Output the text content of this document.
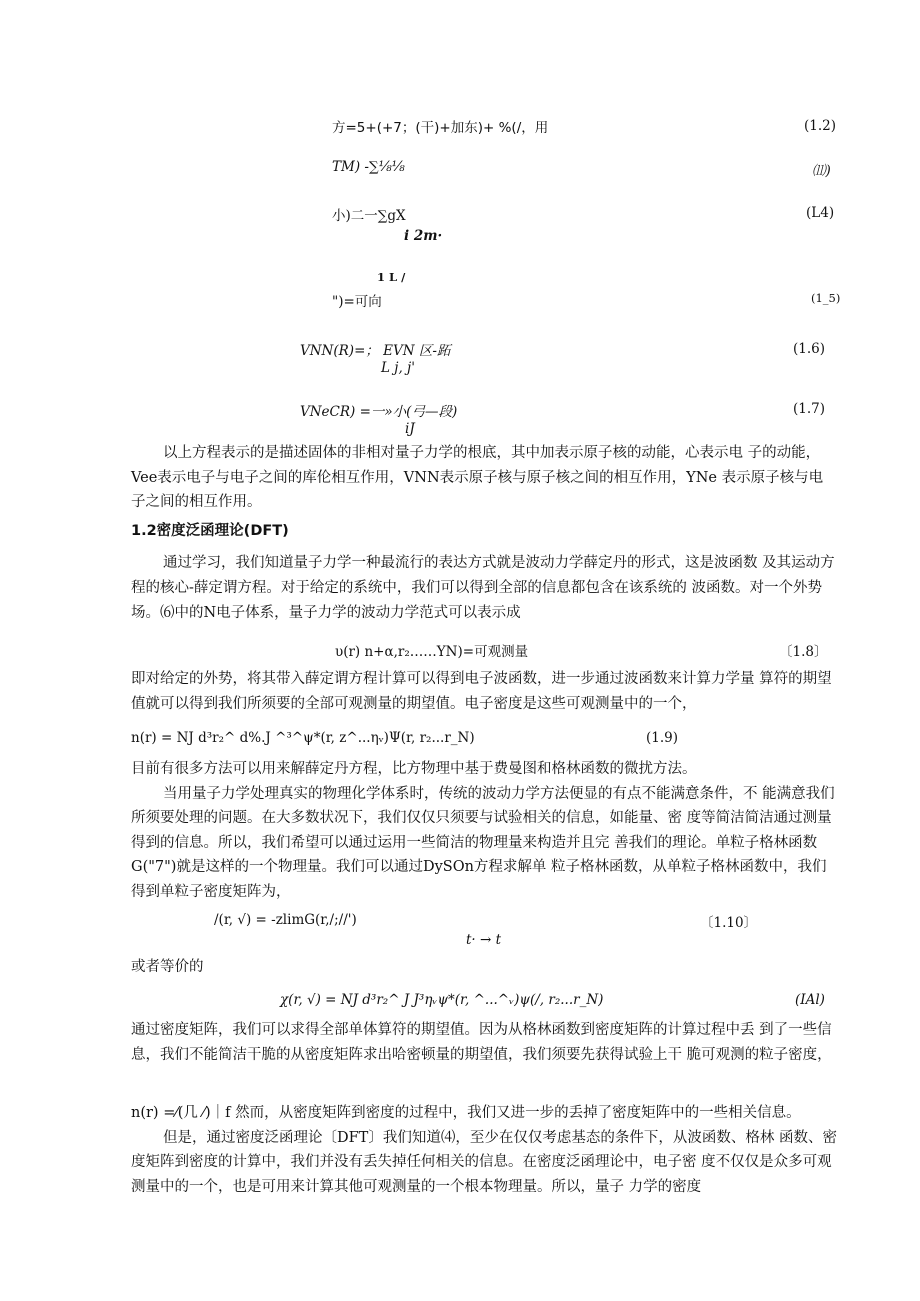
方=5+(+7；(干)+加东)+ %(/，用	(1.2)
TM) -∑⅛⅛	⑾)
小)二一∑gX
i 2m·
(L4)
1 L /
")=可向	(1_5)
VNN(R)=； EVN 区-跖
L j, j'
(1.6)
VNeCR) =一»小(弓—段)
iJ
(1.7)

以上方程表示的是描述固体的非相对量子力学的根底，其中加表示原子核的动能，心表示电 子的动能，Vee表示电子与电子之间的库伦相互作用，VNN表示原子核与原子核之间的相互作用，YNe 表示原子核与电子之间的相互作用。

1.2密度泛函理论(DFT)

通过学习，我们知道量子力学一种最流行的表达方式就是波动力学薛定丹的形式，这是波函数 及其运动方程的核心-薛定谓方程。对于给定的系统中，我们可以得到全部的信息都包含在该系统的 波函数。对一个外势场。⑹中的N电子体系，量子力学的波动力学范式可以表示成

υ(r) n+α,r₂……YN)=可观测量	〔1.8〕

即对给定的外势，将其带入薛定谓方程计算可以得到电子波函数，进一步通过波函数来计算力学量 算符的期望值就可以得到我们所须要的全部可观测量的期望值。电子密度是这些可观测量中的一个，

n(r) = NJ d³r₂^ d%.J ^³^ψ*(r, z^...ηᵥ)Ψ(r, r₂...r_N)	(1.9)

目前有很多方法可以用来解薛定丹方程，比方物理中基于费曼图和格林函数的微扰方法。

当用量子力学处理真实的物理化学体系时，传统的波动力学方法便显的有点不能满意条件，不 能满意我们所须要处理的问题。在大多数状况下，我们仅仅只须要与试验相关的信息，如能量、密 度等简洁简洁通过测量得到的信息。所以，我们希望可以通过运用一些简洁的物理量来构造并且完 善我们的理论。单粒子格林函数G("7")就是这样的一个物理量。我们可以通过DySOn方程求解单 粒子格林函数，从单粒子格林函数中，我们得到单粒子密度矩阵为，

/(r, √) = -zlimG(r,/;//')
t· → t
〔1.10〕

或者等价的

χ(r, √) = NJ d³r₂^ J J³ηᵥψ*(r, ^...^ᵥ)ψ(/, r₂...r_N)	(IAl)

通过密度矩阵，我们可以求得全部单体算符的期望值。因为从格林函数到密度矩阵的计算过程中丢 到了一些信息，我们不能简洁干脆的从密度矩阵求出哈密顿量的期望值，我们须要先获得试验上干 脆可观测的粒子密度，

n(r) =⁄(几 ⁄)｜f 然而，从密度矩阵到密度的过程中，我们又进一步的丢掉了密度矩阵中的一些相关信息。

但是，通过密度泛函理论〔DFT〕我们知道⑷，至少在仅仅考虑基态的条件下，从波函数、格林 函数、密度矩阵到密度的计算中，我们并没有丢失掉任何相关的信息。在密度泛函理论中，电子密 度不仅仅是众多可观测量中的一个，也是可用来计算其他可观测量的一个根本物理量。所以，量子 力学的密度
